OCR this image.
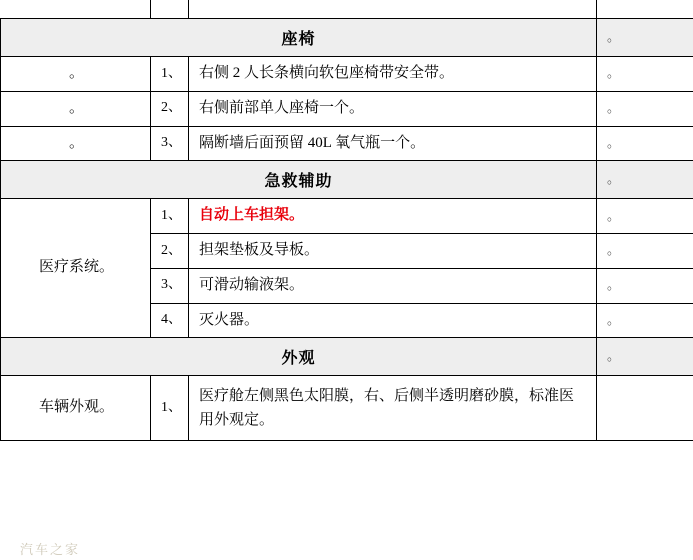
座椅			。

。	1、	右侧 2 人长条横向软包座椅带安全带。	。

。	2、	右侧前部单人座椅一个。	。

。	3、	隔断墙后面预留 40L 氧气瓶一个。	。

急救辅助			。

医疗系统。	1、	自动上车担架。	。

	2、	担架垫板及导板。	。

	3、	可滑动输液架。	。

	4、	灭火器。	。

外观			。

车辆外观。	1、	医疗舱左侧黑色太阳膜，右、后侧半透明磨砂膜，标准医用外观定。	

汽车之家
